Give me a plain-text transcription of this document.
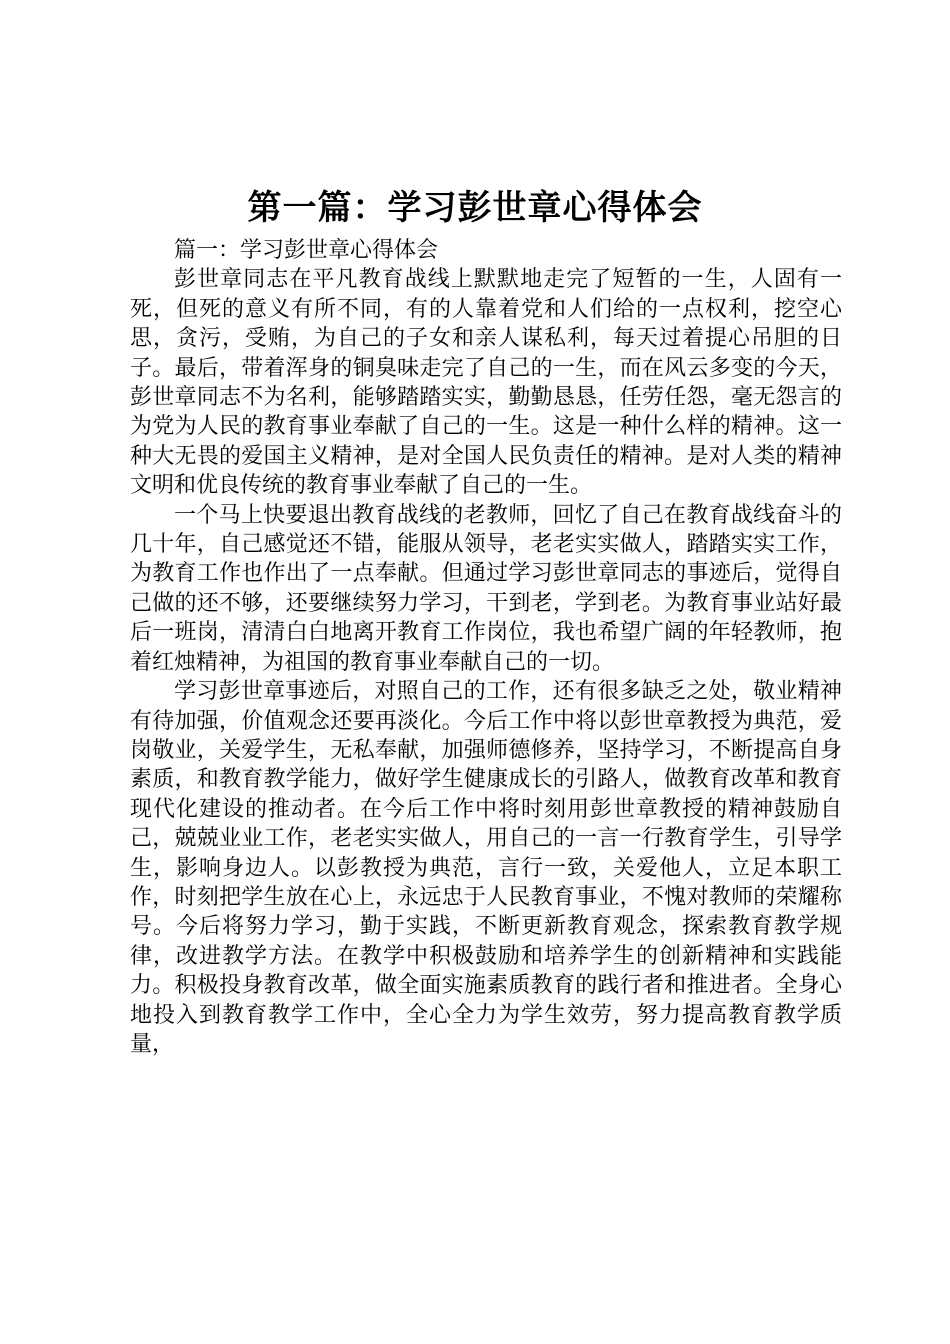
第一篇：学习彭世章心得体会

篇一：学习彭世章心得体会

彭世章同志在平凡教育战线上默默地走完了短暂的一生，人固有一死，但死的意义有所不同，有的人靠着党和人们给的一点权利，挖空心思，贪污，受贿，为自己的子女和亲人谋私利，每天过着提心吊胆的日子。最后，带着浑身的铜臭味走完了自己的一生，而在风云多变的今天，彭世章同志不为名利，能够踏踏实实，勤勤恳恳，任劳任怨，毫无怨言的为党为人民的教育事业奉献了自己的一生。这是一种什么样的精神。这一种大无畏的爱国主义精神，是对全国人民负责任的精神。是对人类的精神文明和优良传统的教育事业奉献了自己的一生。

一个马上快要退出教育战线的老教师，回忆了自己在教育战线奋斗的几十年，自己感觉还不错，能服从领导，老老实实做人，踏踏实实工作，为教育工作也作出了一点奉献。但通过学习彭世章同志的事迹后，觉得自己做的还不够，还要继续努力学习，干到老，学到老。为教育事业站好最后一班岗，清清白白地离开教育工作岗位，我也希望广阔的年轻教师，抱着红烛精神，为祖国的教育事业奉献自己的一切。

学习彭世章事迹后，对照自己的工作，还有很多缺乏之处，敬业精神有待加强，价值观念还要再淡化。今后工作中将以彭世章教授为典范，爱岗敬业，关爱学生，无私奉献，加强师德修养，坚持学习，不断提高自身素质，和教育教学能力，做好学生健康成长的引路人，做教育改革和教育现代化建设的推动者。在今后工作中将时刻用彭世章教授的精神鼓励自己，兢兢业业工作，老老实实做人，用自己的一言一行教育学生，引导学生，影响身边人。以彭教授为典范，言行一致，关爱他人，立足本职工作，时刻把学生放在心上，永远忠于人民教育事业，不愧对教师的荣耀称号。今后将努力学习，勤于实践，不断更新教育观念，探索教育教学规律，改进教学方法。在教学中积极鼓励和培养学生的创新精神和实践能力。积极投身教育改革，做全面实施素质教育的践行者和推进者。全身心地投入到教育教学工作中，全心全力为学生效劳，努力提高教育教学质量，
